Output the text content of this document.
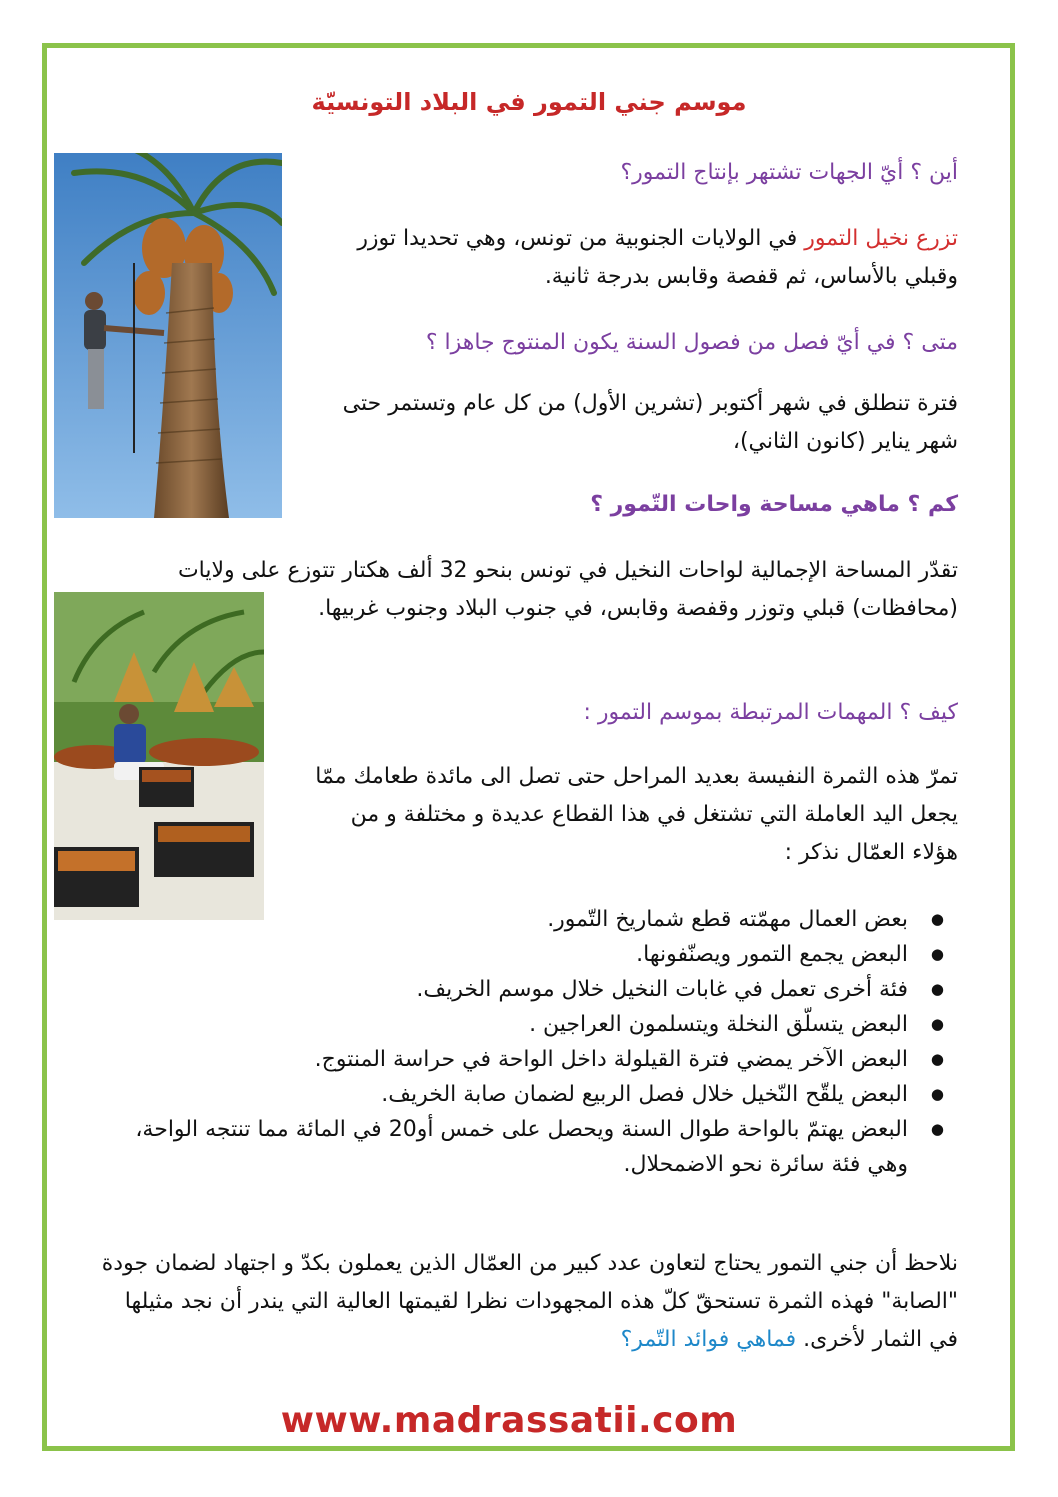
موسم جني التمور في البلاد التونسيّة
أين ؟ أيّ الجهات تشتهر بإنتاج التمور؟
تزرع نخيل التمور في الولايات الجنوبية من تونس، وهي تحديدا توزر وقبلي بالأساس، ثم قفصة وقابس بدرجة ثانية.
متى ؟ في أيّ فصل من فصول السنة يكون المنتوج جاهزا ؟
فترة تنطلق في شهر أكتوبر (تشرين الأول) من كل عام وتستمر حتى شهر يناير (كانون الثاني)،
كم ؟ ماهي مساحة واحات التّمور ؟
تقدّر المساحة الإجمالية لواحات النخيل في تونس بنحو 32 ألف هكتار تتوزع على ولايات (محافظات) قبلي وتوزر وقفصة وقابس، في جنوب البلاد وجنوب غربيها.
كيف ؟ المهمات المرتبطة بموسم التمور :
تمرّ هذه الثمرة النفيسة بعديد المراحل حتى تصل الى مائدة طعامك ممّا يجعل اليد العاملة التي تشتغل في هذا القطاع عديدة و مختلفة و من هؤلاء العمّال نذكر :
● بعض العمال مهمّته قطع شماريخ التّمور.
● البعض يجمع التمور ويصنّفونها.
● فئة أخرى تعمل في غابات النخيل خلال موسم الخريف.
● البعض يتسلّق النخلة ويتسلمون العراجين .
● البعض الآخر يمضي فترة القيلولة داخل الواحة في حراسة المنتوج.
● البعض يلقّح النّخيل خلال فصل الربيع لضمان صابة الخريف.
● البعض يهتمّ بالواحة طوال السنة ويحصل على خمس أو20 في المائة مما تنتجه الواحة، وهي فئة سائرة نحو الاضمحلال.
نلاحظ أن جني التمور يحتاج لتعاون عدد كبير من العمّال الذين يعملون بكدّ و اجتهاد لضمان جودة "الصابة" فهذه الثمرة تستحقّ كلّ هذه المجهودات نظرا لقيمتها العالية التي يندر أن نجد مثيلها في الثمار لأخرى. فماهي فوائد التّمر؟
www.madrassatii.com
